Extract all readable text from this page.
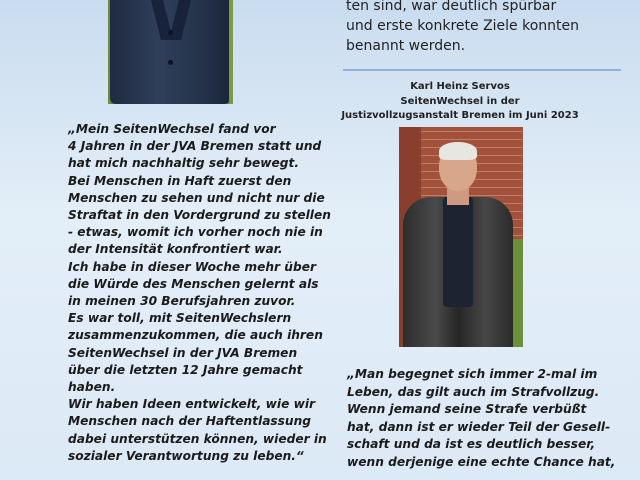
„Mein SeitenWechsel fand vor
4 Jahren in der JVA Bremen statt und
hat mich nachhaltig sehr bewegt.
Bei Menschen in Haft zuerst den
Menschen zu sehen und nicht nur die
Straftat in den Vordergrund zu stellen
- etwas, womit ich vorher noch nie in
der Intensität konfrontiert war.
Ich habe in dieser Woche mehr über
die Würde des Menschen gelernt als
in meinen 30 Berufsjahren zuvor.
Es war toll, mit SeitenWechslern
zusammenzukommen, die auch ihren
SeitenWechsel in der JVA Bremen
über die letzten 12 Jahre gemacht
haben.
Wir haben Ideen entwickelt, wie wir
Menschen nach der Haftentlassung
dabei unterstützen können, wieder in
sozialer Verantwortung zu leben.“
ten sind, war deutlich spürbar
und erste konkrete Ziele konnten
benannt werden.
Karl Heinz Servos
SeitenWechsel in der
Justizvollzugsanstalt Bremen im Juni 2023
„Man begegnet sich immer 2-mal im
Leben, das gilt auch im Strafvollzug.
Wenn jemand seine Strafe verbüßt
hat, dann ist er wieder Teil der Gesell-
schaft und da ist es deutlich besser,
wenn derjenige eine echte Chance hat,
